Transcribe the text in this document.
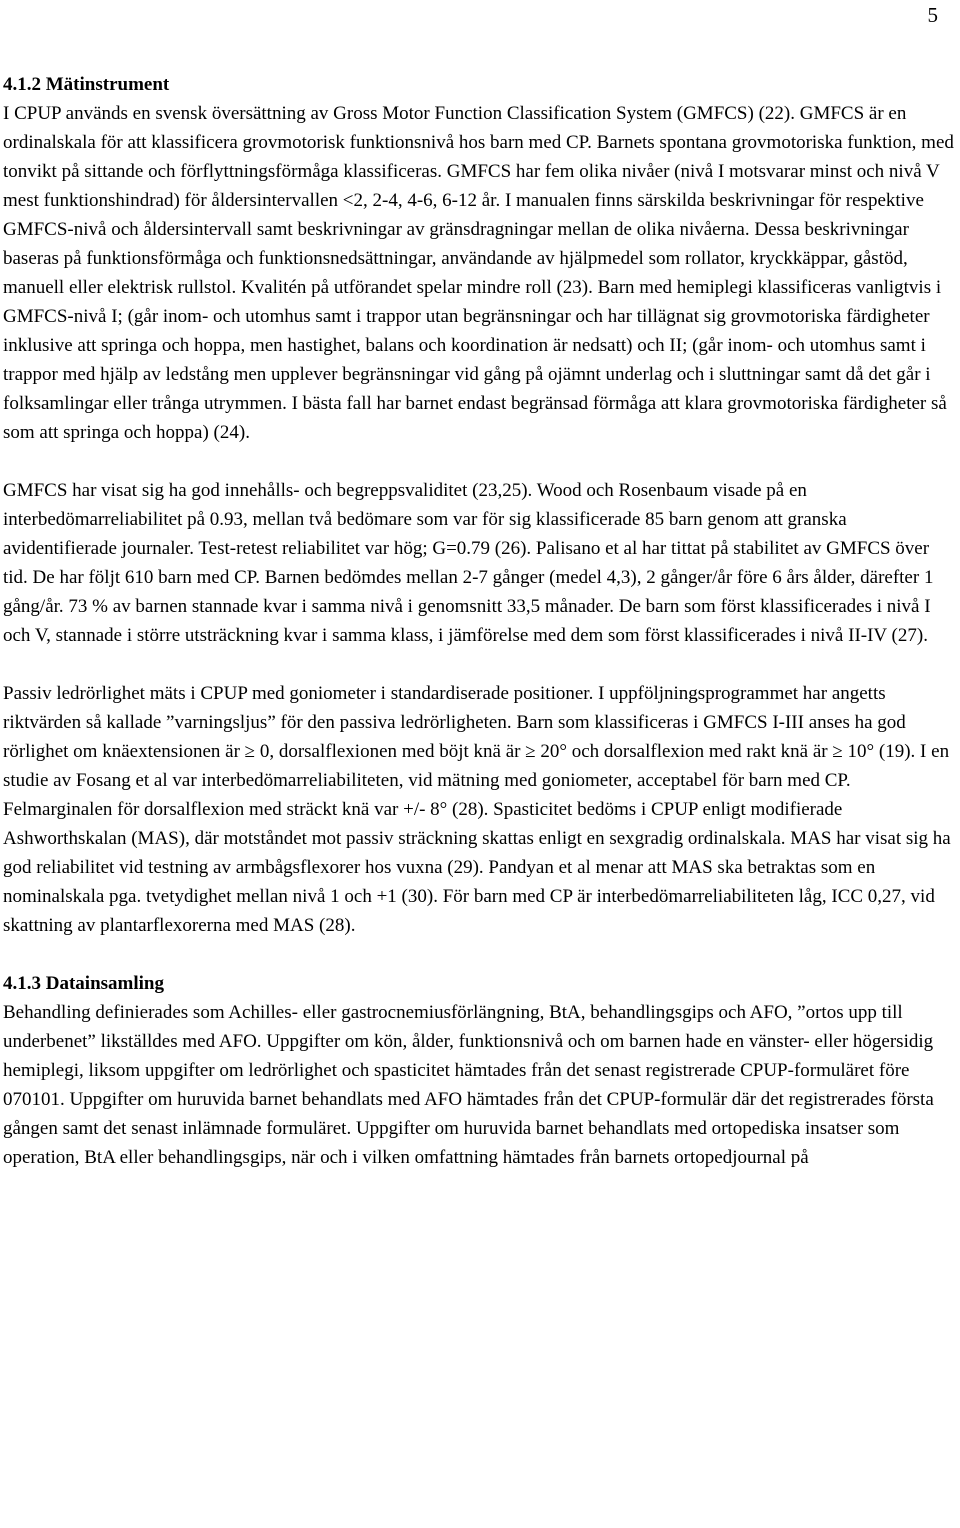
5
4.1.2 Mätinstrument

I CPUP används en svensk översättning av Gross Motor Function Classification System (GMFCS) (22). GMFCS är en ordinalskala för att klassificera grovmotorisk funktionsnivå hos barn med CP. Barnets spontana grovmotoriska funktion, med tonvikt på sittande och förflyttningsförmåga klassificeras. GMFCS har fem olika nivåer (nivå I motsvarar minst och nivå V mest funktionshindrad) för åldersintervallen <2, 2-4, 4-6, 6-12 år. I manualen finns särskilda beskrivningar för respektive GMFCS-nivå och åldersintervall samt beskrivningar av gränsdragningar mellan de olika nivåerna. Dessa beskrivningar baseras på funktionsförmåga och funktionsnedsättningar, användande av hjälpmedel som rollator, kryckkäppar, gåstöd, manuell eller elektrisk rullstol. Kvalitén på utförandet spelar mindre roll (23). Barn med hemiplegi klassificeras vanligtvis i GMFCS-nivå I; (går inom- och utomhus samt i trappor utan begränsningar och har tillägnat sig grovmotoriska färdigheter inklusive att springa och hoppa, men hastighet, balans och koordination är nedsatt) och II; (går inom- och utomhus samt i trappor med hjälp av ledstång men upplever begränsningar vid gång på ojämnt underlag och i sluttningar samt då det går i folksamlingar eller trånga utrymmen. I bästa fall har barnet endast begränsad förmåga att klara grovmotoriska färdigheter så som att springa och hoppa) (24).

GMFCS har visat sig ha god innehålls- och begreppsvaliditet (23,25). Wood och Rosenbaum visade på en interbedömarreliabilitet på 0.93, mellan två bedömare som var för sig klassificerade 85 barn genom att granska avidentifierade journaler. Test-retest reliabilitet var hög; G=0.79 (26). Palisano et al har tittat på stabilitet av GMFCS över tid. De har följt 610 barn med CP. Barnen bedömdes mellan 2-7 gånger (medel 4,3), 2 gånger/år före 6 års ålder, därefter 1 gång/år. 73 % av barnen stannade kvar i samma nivå i genomsnitt 33,5 månader. De barn som först klassificerades i nivå I och V, stannade i större utsträckning kvar i samma klass, i jämförelse med dem som först klassificerades i nivå II-IV (27).

Passiv ledrörlighet mäts i CPUP med goniometer i standardiserade positioner. I uppföljningsprogrammet har angetts riktvärden så kallade ”varningsljus” för den passiva ledrörligheten. Barn som klassificeras i GMFCS I-III anses ha god rörlighet om knäextensionen är ≥ 0, dorsalflexionen med böjt knä är ≥ 20° och dorsalflexion med rakt knä är ≥ 10° (19). I en studie av Fosang et al var interbedömarreliabiliteten, vid mätning med goniometer, acceptabel för barn med CP. Felmarginalen för dorsalflexion med sträckt knä var +/- 8° (28). Spasticitet bedöms i CPUP enligt modifierade Ashworthskalan (MAS), där motståndet mot passiv sträckning skattas enligt en sexgradig ordinalskala. MAS har visat sig ha god reliabilitet vid testning av armbågsflexorer hos vuxna (29). Pandyan et al menar att MAS ska betraktas som en nominalskala pga. tvetydighet mellan nivå 1 och +1 (30). För barn med CP är interbedömarreliabiliteten låg, ICC 0,27, vid skattning av plantarflexorerna med MAS (28).

4.1.3 Datainsamling

Behandling definierades som Achilles- eller gastrocnemiusförlängning, BtA, behandlingsgips och AFO, ”ortos upp till underbenet” likställdes med AFO. Uppgifter om kön, ålder, funktionsnivå och om barnen hade en vänster- eller högersidig hemiplegi, liksom uppgifter om ledrörlighet och spasticitet hämtades från det senast registrerade CPUP-formuläret före 070101. Uppgifter om huruvida barnet behandlats med AFO hämtades från det CPUP-formulär där det registrerades första gången samt det senast inlämnade formuläret. Uppgifter om huruvida barnet behandlats med ortopediska insatser som operation, BtA eller behandlingsgips, när och i vilken omfattning hämtades från barnets ortopedjournal på
